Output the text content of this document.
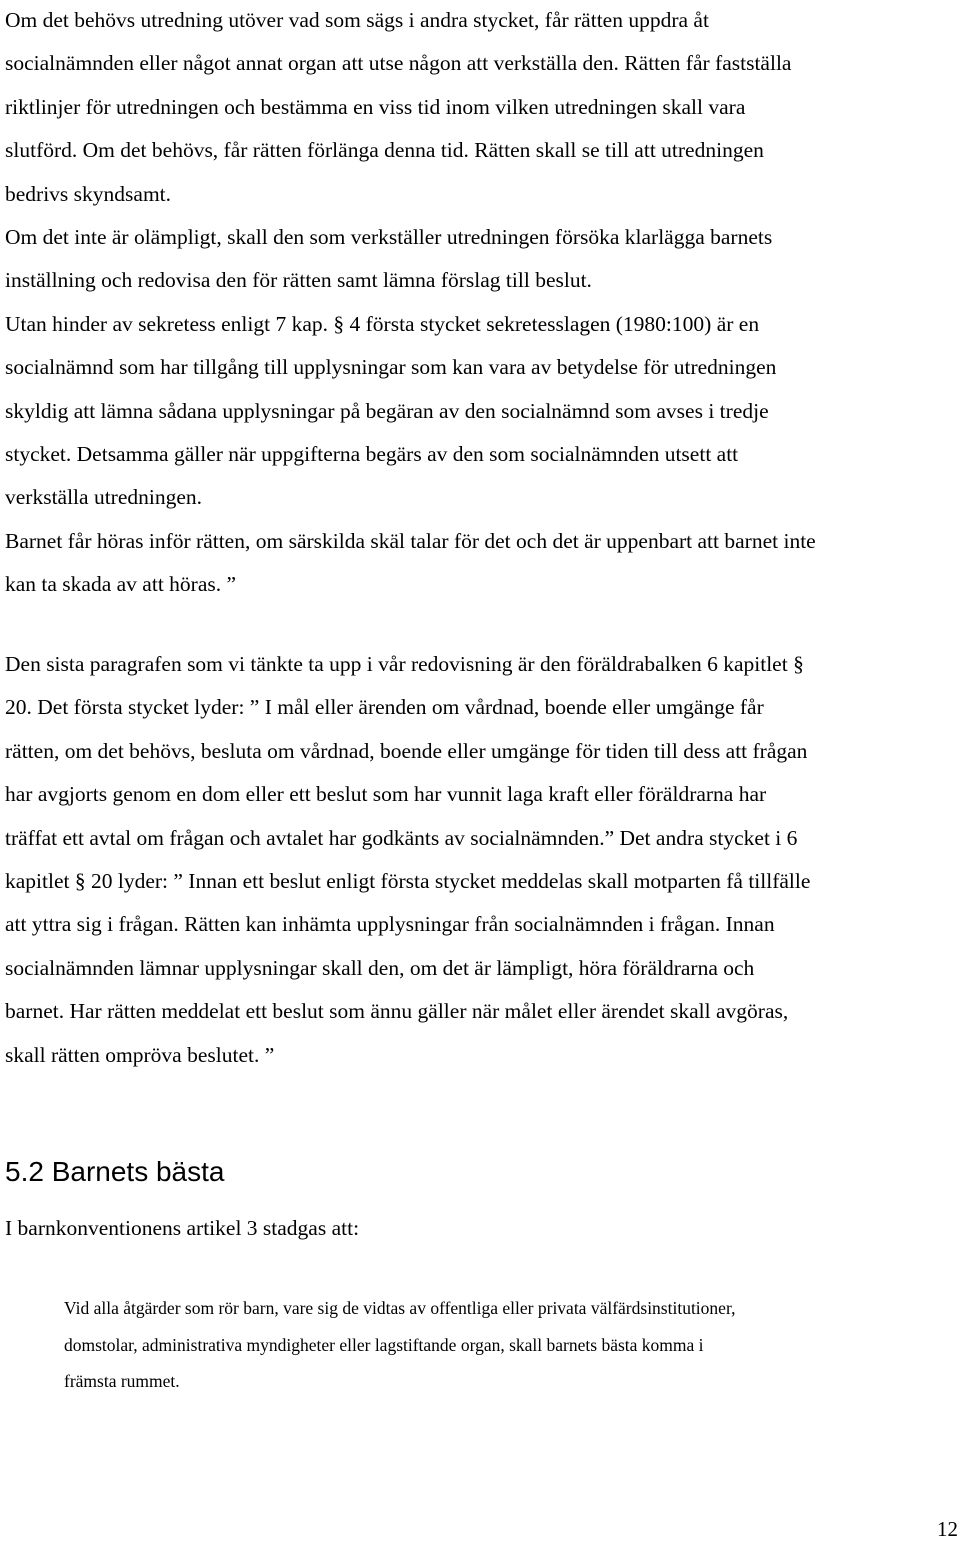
Om det behövs utredning utöver vad som sägs i andra stycket, får rätten uppdra åt
socialnämnden eller något annat organ att utse någon att verkställa den. Rätten får fastställa
riktlinjer för utredningen och bestämma en viss tid inom vilken utredningen skall vara
slutförd. Om det behövs, får rätten förlänga denna tid. Rätten skall se till att utredningen
bedrivs skyndsamt.
Om det inte är olämpligt, skall den som verkställer utredningen försöka klarlägga barnets
inställning och redovisa den för rätten samt lämna förslag till beslut.
Utan hinder av sekretess enligt 7 kap. § 4 första stycket sekretesslagen (1980:100) är en
socialnämnd som har tillgång till upplysningar som kan vara av betydelse för utredningen
skyldig att lämna sådana upplysningar på begäran av den socialnämnd som avses i tredje
stycket. Detsamma gäller när uppgifterna begärs av den som socialnämnden utsett att
verkställa utredningen.
Barnet får höras inför rätten, om särskilda skäl talar för det och det är uppenbart att barnet inte
kan ta skada av att höras. ”
Den sista paragrafen som vi tänkte ta upp i vår redovisning är den föräldrabalken 6 kapitlet §
20. Det första stycket lyder: ” I mål eller ärenden om vårdnad, boende eller umgänge får
rätten, om det behövs, besluta om vårdnad, boende eller umgänge för tiden till dess att frågan
har avgjorts genom en dom eller ett beslut som har vunnit laga kraft eller föräldrarna har
träffat ett avtal om frågan och avtalet har godkänts av socialnämnden.” Det andra stycket i 6
kapitlet § 20 lyder: ” Innan ett beslut enligt första stycket meddelas skall motparten få tillfälle
att yttra sig i frågan. Rätten kan inhämta upplysningar från socialnämnden i frågan. Innan
socialnämnden lämnar upplysningar skall den, om det är lämpligt, höra föräldrarna och
barnet. Har rätten meddelat ett beslut som ännu gäller när målet eller ärendet skall avgöras,
skall rätten ompröva beslutet. ”
5.2 Barnets bästa
I barnkonventionens artikel 3 stadgas att:
Vid alla åtgärder som rör barn, vare sig de vidtas av offentliga eller privata välfärdsinstitutioner,
domstolar, administrativa myndigheter eller lagstiftande organ, skall barnets bästa komma i
främsta rummet.
12
